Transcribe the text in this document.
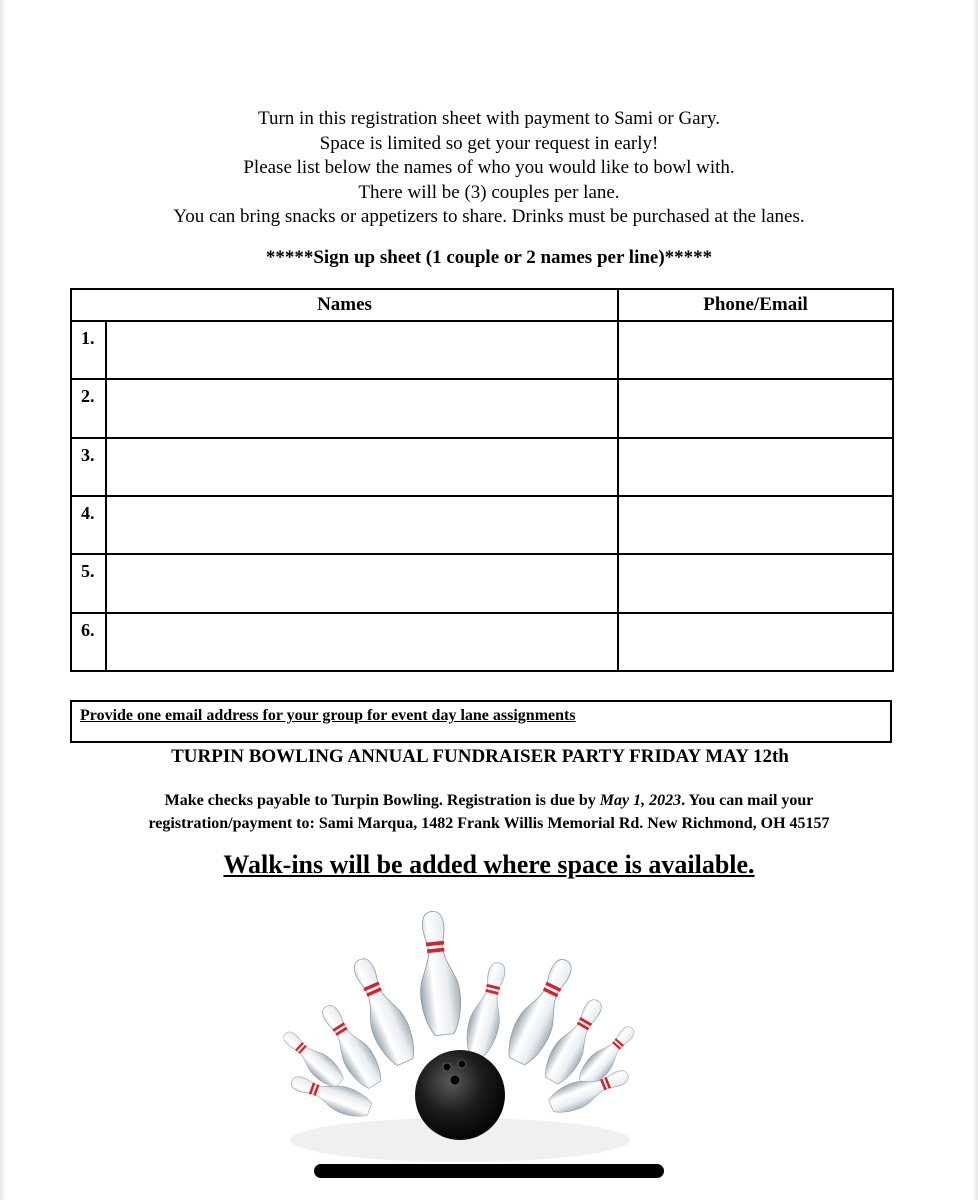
Turn in this registration sheet with payment to Sami or Gary.
Space is limited so get your request in early!
Please list below the names of who you would like to bowl with.
There will be (3) couples per lane.
You can bring snacks or appetizers to share. Drinks must be purchased at the lanes.
*****Sign up sheet (1 couple or 2 names per line)*****
Names		Phone/Email
1.		
2.		
3.		
4.		
5.		
6.		
Provide one email address for your group for event day lane assignments
TURPIN BOWLING ANNUAL FUNDRAISER PARTY FRIDAY MAY 12th
Make checks payable to Turpin Bowling. Registration is due by May 1, 2023. You can mail your
registration/payment to: Sami Marqua, 1482 Frank Willis Memorial Rd. New Richmond, OH 45157
Walk-ins will be added where space is available.
